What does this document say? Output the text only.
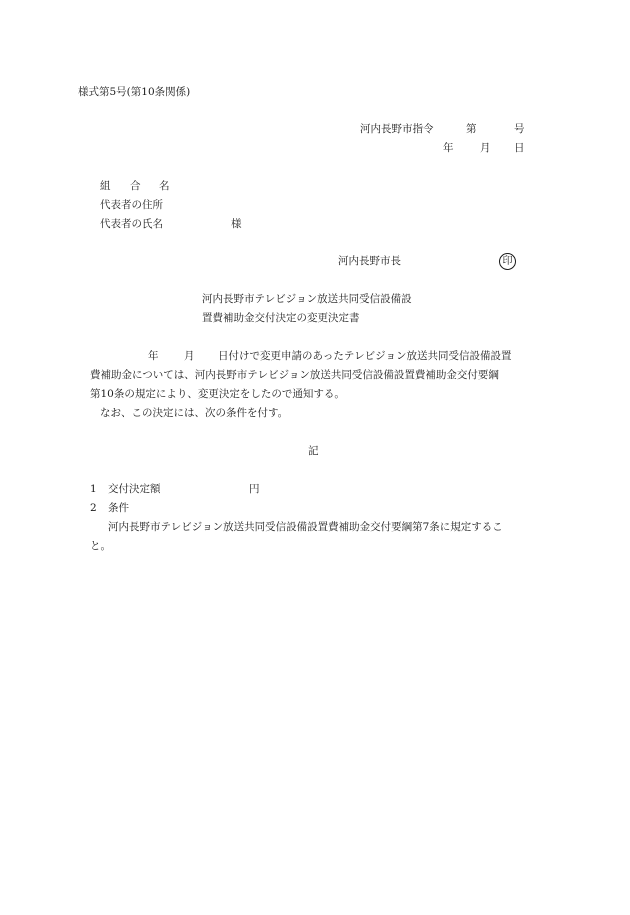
様式第5号(第10条関係)
河内長野市指令	第	号
年	月 日
組 合 名
代表者の住所
代表者の氏名	様
河内長野市長	印
河内長野市テレビジョン放送共同受信設備設
置費補助金交付決定の変更決定書
年 月 日付けで変更申請のあったテレビジョン放送共同受信設備設置
費補助金については、河内長野市テレビジョン放送共同受信設備設置費補助金交付要綱
第10条の規定により、変更決定をしたので通知する。
なお、この決定には、次の条件を付す。
記
1 交付決定額	円
2 条件
河内長野市テレビジョン放送共同受信設備設置費補助金交付要綱第7条に規定するこ
と。
